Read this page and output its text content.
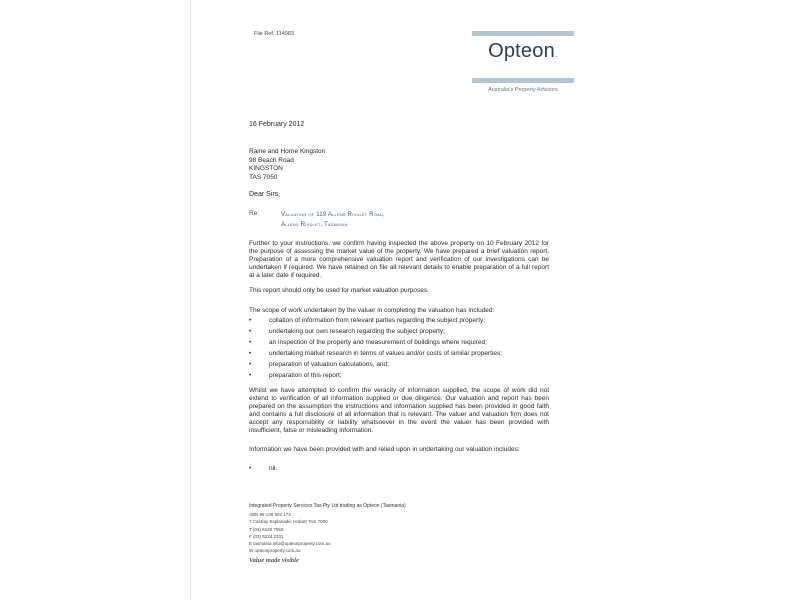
File Ref. 114983
Opteon.
Australia's Property Advisors
16 February 2012
Raine and Horne Kingston
98 Beach Road
KINGSTON
TAS 7050
Dear Sirs,
Re:	Valuation of 119 Allens Rivulet Road,
Allens Rivulet, Tasmania
Further to your instructions, we confirm having inspected the above property on 10 February 2012 for the purpose of assessing the market value of the property. We have prepared a brief valuation report. Preparation of a more comprehensive valuation report and verification of our investigations can be undertaken if required. We have retained on file all relevant details to enable preparation of a full report at a later date if required.
This report should only be used for market valuation purposes.
The scope of work undertaken by the valuer in completing the valuation has included:
•	collation of information from relevant parties regarding the subject property;
•	undertaking our own research regarding the subject property;
•	an inspection of the property and measurement of buildings where required;
•	undertaking market research in terms of values and/or costs of similar properties;
•	preparation of valuation calculations, and;
•	preparation of this report;
Whilst we have attempted to confirm the veracity of information supplied, the scope of work did not extend to verification of all information supplied or due diligence. Our valuation and report has been prepared on the assumption the instructions and information supplied has been provided in good faith and contains a full disclosure of all information that is relevant. The valuer and valuation firm does not accept any responsibility or liability whatsoever in the event the valuer has been provided with insufficient, false or misleading information.
Information we have been provided with and relied upon in undertaking our valuation includes:
•	nil.
Integrated Property Services Tas Pty Ltd trading as Opteon (Tasmania)
ABN 98 136 902 173
7 Castray Esplanade, Hobart TAS 7000
T (03) 6220 7555
F (03) 6224 2331
E tasmania.info@opteonproperty.com.au
W opteonproperty.com.au
Value made visible
